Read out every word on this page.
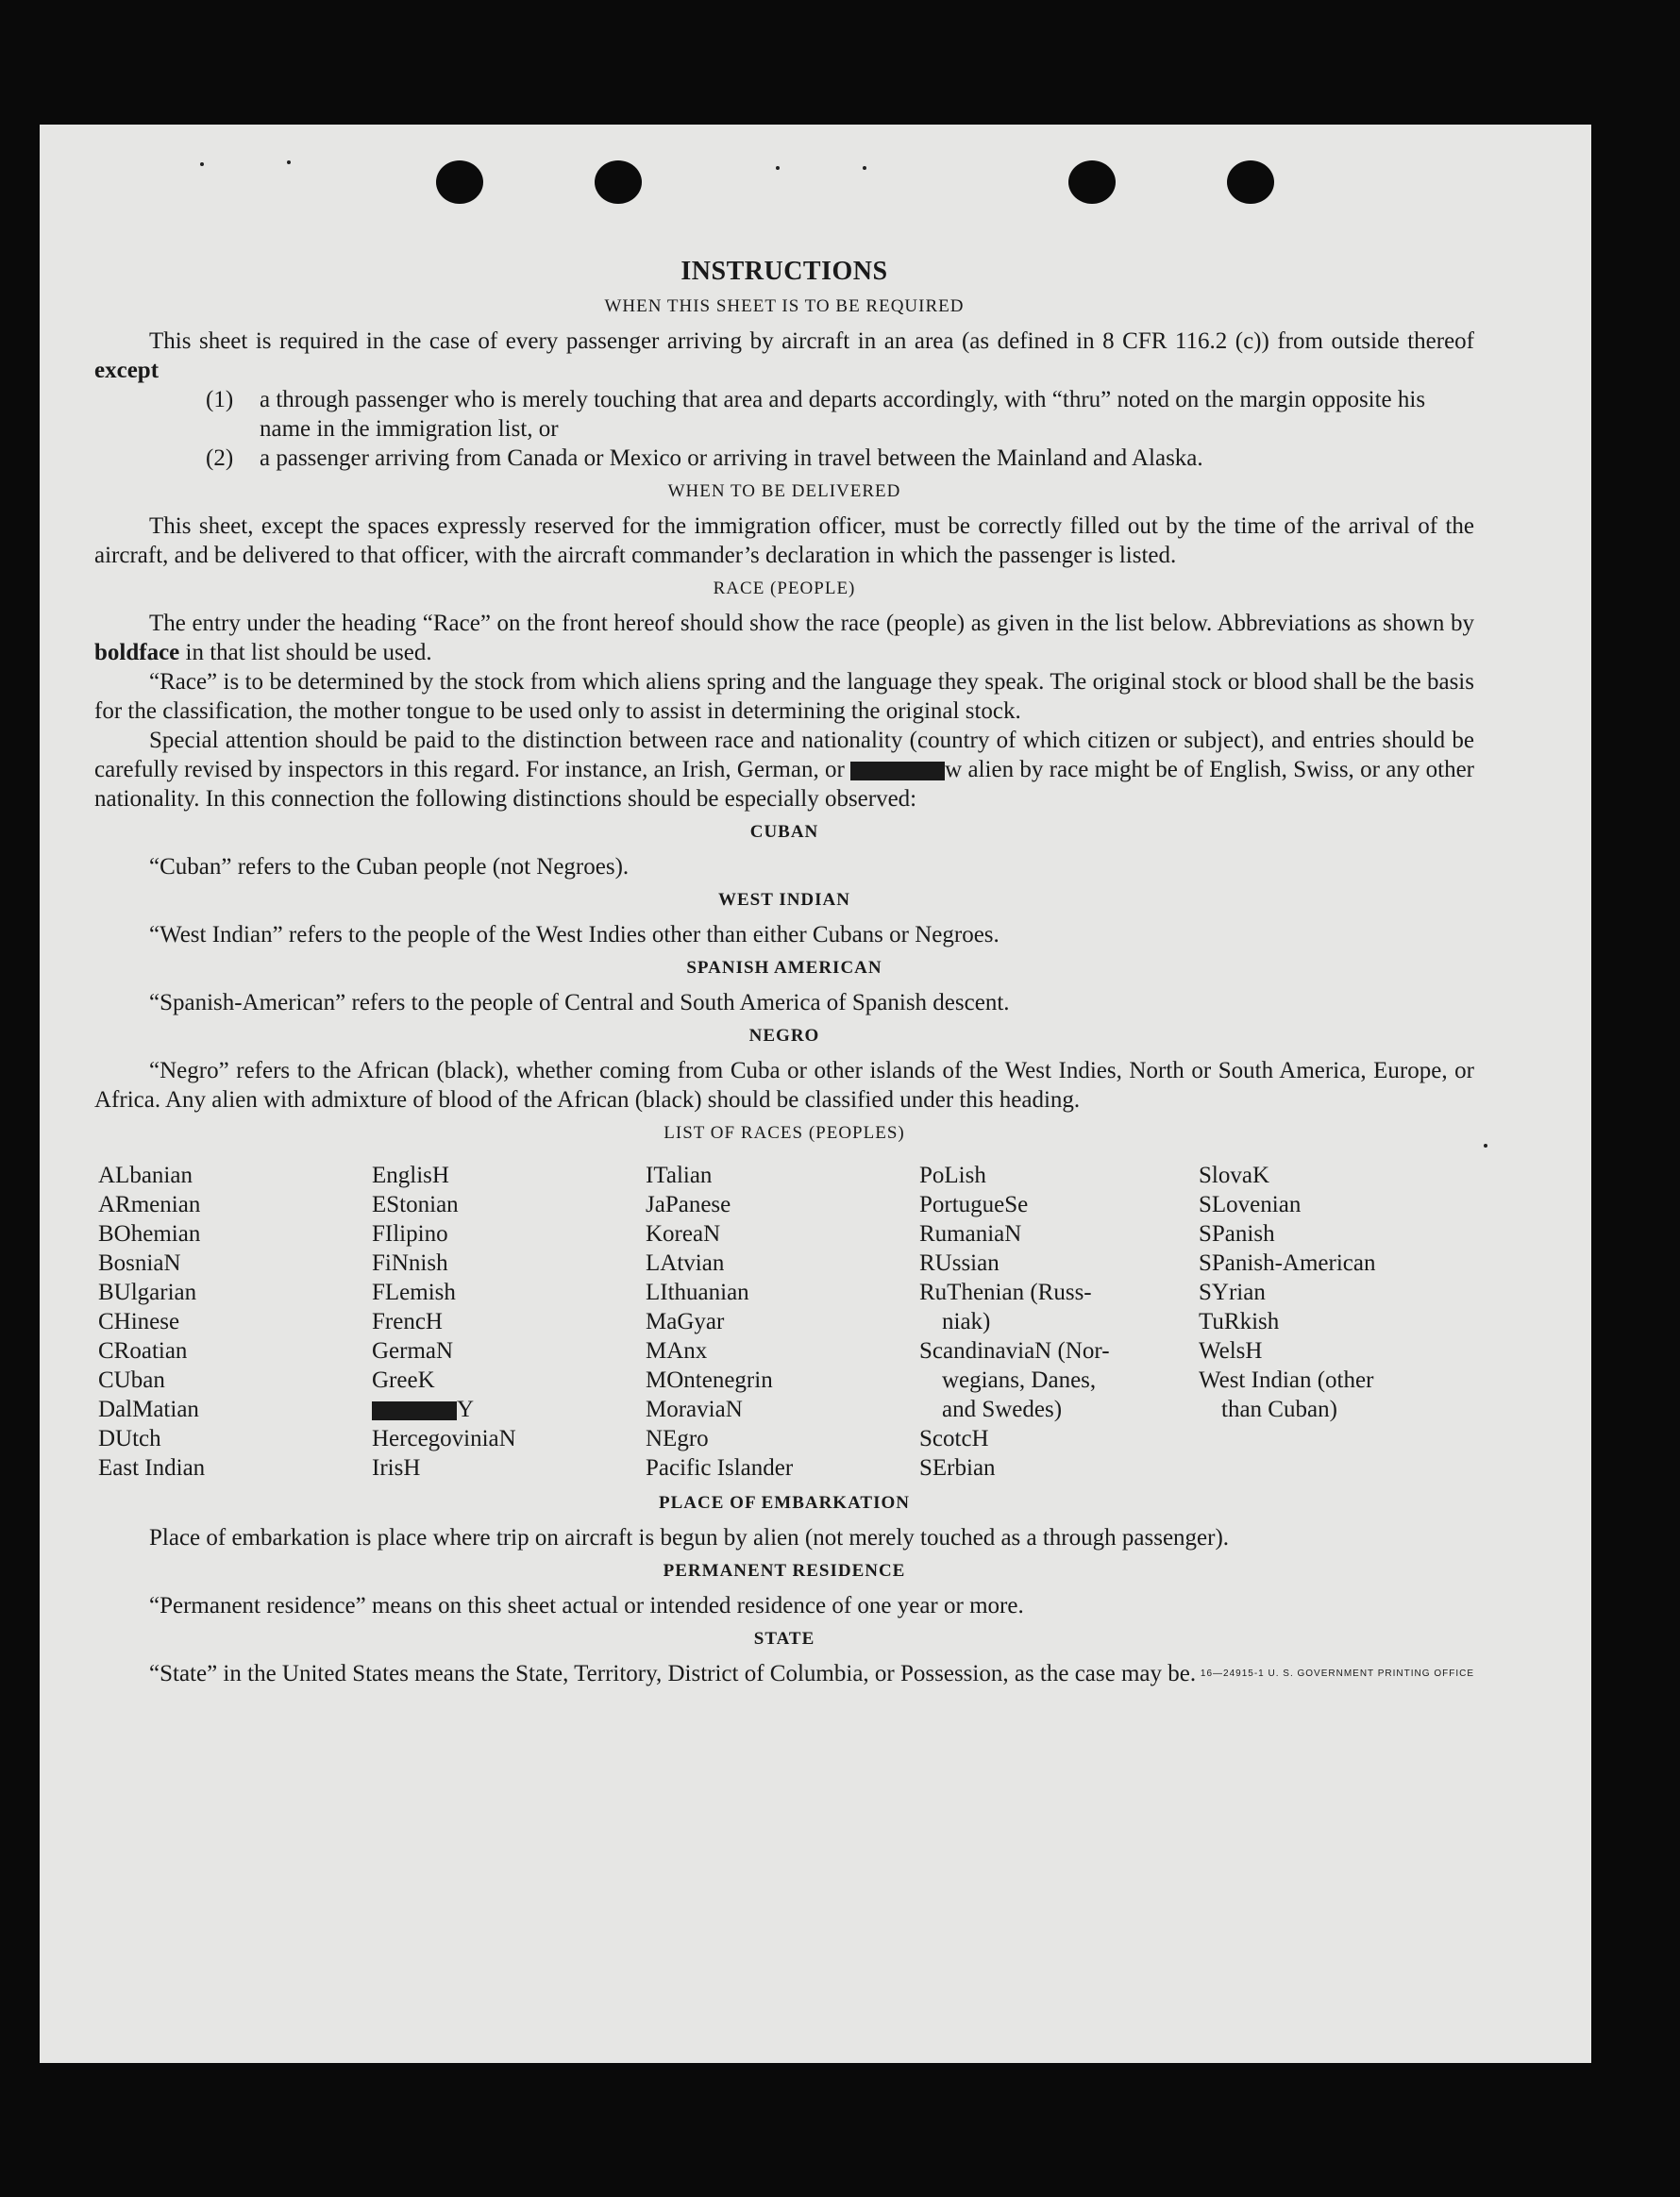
INSTRUCTIONS
WHEN THIS SHEET IS TO BE REQUIRED

This sheet is required in the case of every passenger arriving by aircraft in an area (as defined in 8 CFR 116.2 (c)) from outside thereof except

(1) a through passenger who is merely touching that area and departs accordingly, with “thru” noted on the margin opposite his name in the immigration list, or
(2) a passenger arriving from Canada or Mexico or arriving in travel between the Mainland and Alaska.
WHEN TO BE DELIVERED

This sheet, except the spaces expressly reserved for the immigration officer, must be correctly filled out by the time of the arrival of the aircraft, and be delivered to that officer, with the aircraft commander’s declaration in which the passenger is listed.

RACE (PEOPLE)

The entry under the heading “Race” on the front hereof should show the race (people) as given in the list below. Abbreviations as shown by boldface in that list should be used.

“Race” is to be determined by the stock from which aliens spring and the language they speak. The original stock or blood shall be the basis for the classification, the mother tongue to be used only to assist in determining the original stock.

Special attention should be paid to the distinction between race and nationality (country of which citizen or subject), and entries should be carefully revised by inspectors in this regard. For instance, an Irish, German, or	w alien by race might be of English, Swiss, or any other nationality. In this connection the following distinctions should be especially observed:

CUBAN

“Cuban” refers to the Cuban people (not Negroes).

WEST INDIAN

“West Indian” refers to the people of the West Indies other than either Cubans or Negroes.

SPANISH AMERICAN

“Spanish-American” refers to the people of Central and South America of Spanish descent.

NEGRO

“Negro” refers to the African (black), whether coming from Cuba or other islands of the West Indies, North or South America, Europe, or Africa. Any alien with admixture of blood of the African (black) should be classified under this heading.

LIST OF RACES (PEOPLES)
ALbanian
ARmenian
BOhemian
BosniaN
BUlgarian
CHinese
CRoatian
CUban
DalMatian
DUtch
East Indian
EnglisH
EStonian
FIlipino
FiNnish
FLemish
FrencH
GermaN
GreeK
Y
HercegoviniaN
IrisH
ITalian
JaPanese
KoreaN
LAtvian
LIthuanian
MaGyar
MAnx
MOntenegrin
MoraviaN
NEgro
Pacific Islander
PoLish
PortugueSe
RumaniaN
RUssian
RuThenian (Russ-
niak)
ScandinaviaN (Nor-
wegians, Danes,
and Swedes)
ScotcH
SErbian
SlovaK
SLovenian
SPanish
SPanish-American
SYrian
TuRkish
WelsH
West Indian (other
than Cuban)
PLACE OF EMBARKATION

Place of embarkation is place where trip on aircraft is begun by alien (not merely touched as a through passenger).

PERMANENT RESIDENCE

“Permanent residence” means on this sheet actual or intended residence of one year or more.

STATE

“State” in the United States means the State, Territory, District of Columbia, or Possession, as the case may be. 16—24915-1 U. S. GOVERNMENT PRINTING OFFICE
